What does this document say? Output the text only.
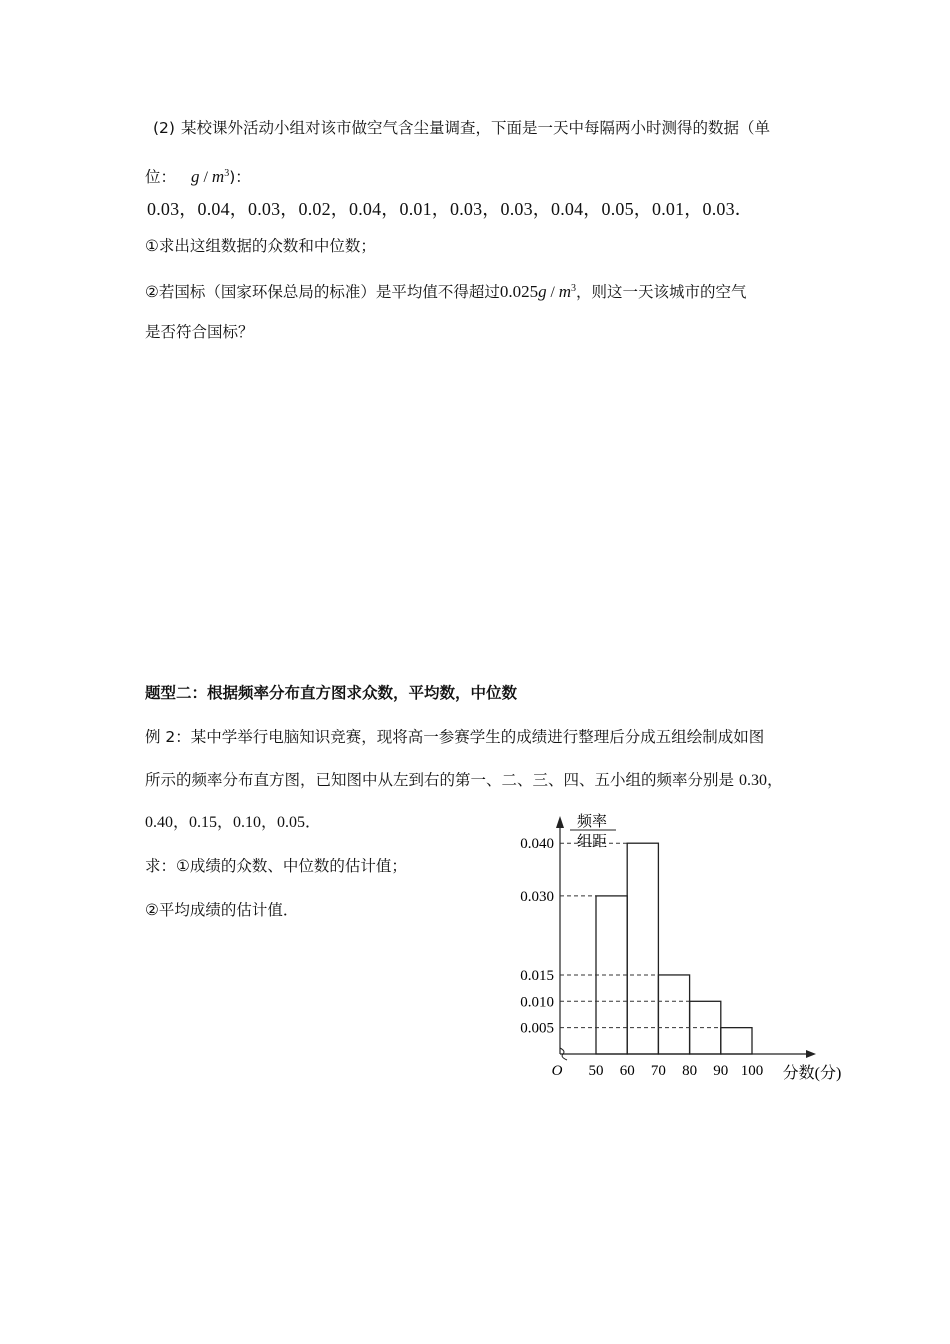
(2) 某校课外活动小组对该市做空气含尘量调查，下面是一天中每隔两小时测得的数据（单
位： g / $m^3$)：
0.03，0.04，0.03，0.02，0.04，0.01，0.03，0.03，0.04，0.05，0.01，0.03．
①求出这组数据的众数和中位数；
②若国标（国家环保总局的标准）是平均值不得超过$0.025g / m^3$，则这一天该城市的空气
是否符合国标？
题型二：根据频率分布直方图求众数，平均数，中位数
例 2：某中学举行电脑知识竞赛，现将高一参赛学生的成绩进行整理后分成五组绘制成如图
所示的频率分布直方图，已知图中从左到右的第一、二、三、四、五小组的频率分别是 0.30，
0.40，0.15，0.10，0.05．
求：①成绩的众数、中位数的估计值；
②平均成绩的估计值．
频率
组距
0.040
0.030
0.015
0.010
0.005
50 60 70 80 90 100
O	分数(分)
